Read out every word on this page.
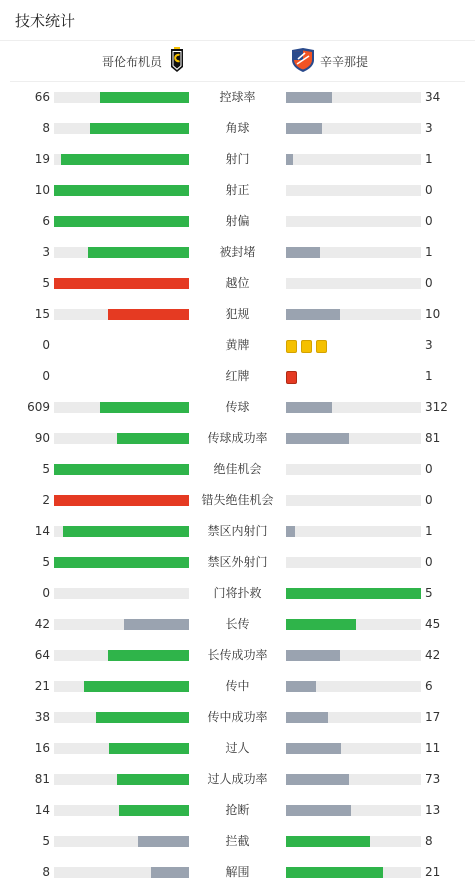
技术统计
哥伦布机员	辛辛那提
66	控球率	34
8	角球	3
19	射门	1
10	射正	0
6	射偏	0
3	被封堵	1
5	越位	0
15	犯规	10
0	黄牌	3
0	红牌	1
609	传球	312
90	传球成功率	81
5	绝佳机会	0
2	错失绝佳机会	0
14	禁区内射门	1
5	禁区外射门	0
0	门将扑救	5
42	长传	45
64	长传成功率	42
21	传中	6
38	传中成功率	17
16	过人	11
81	过人成功率	73
14	抢断	13
5	拦截	8
8	解围	21
